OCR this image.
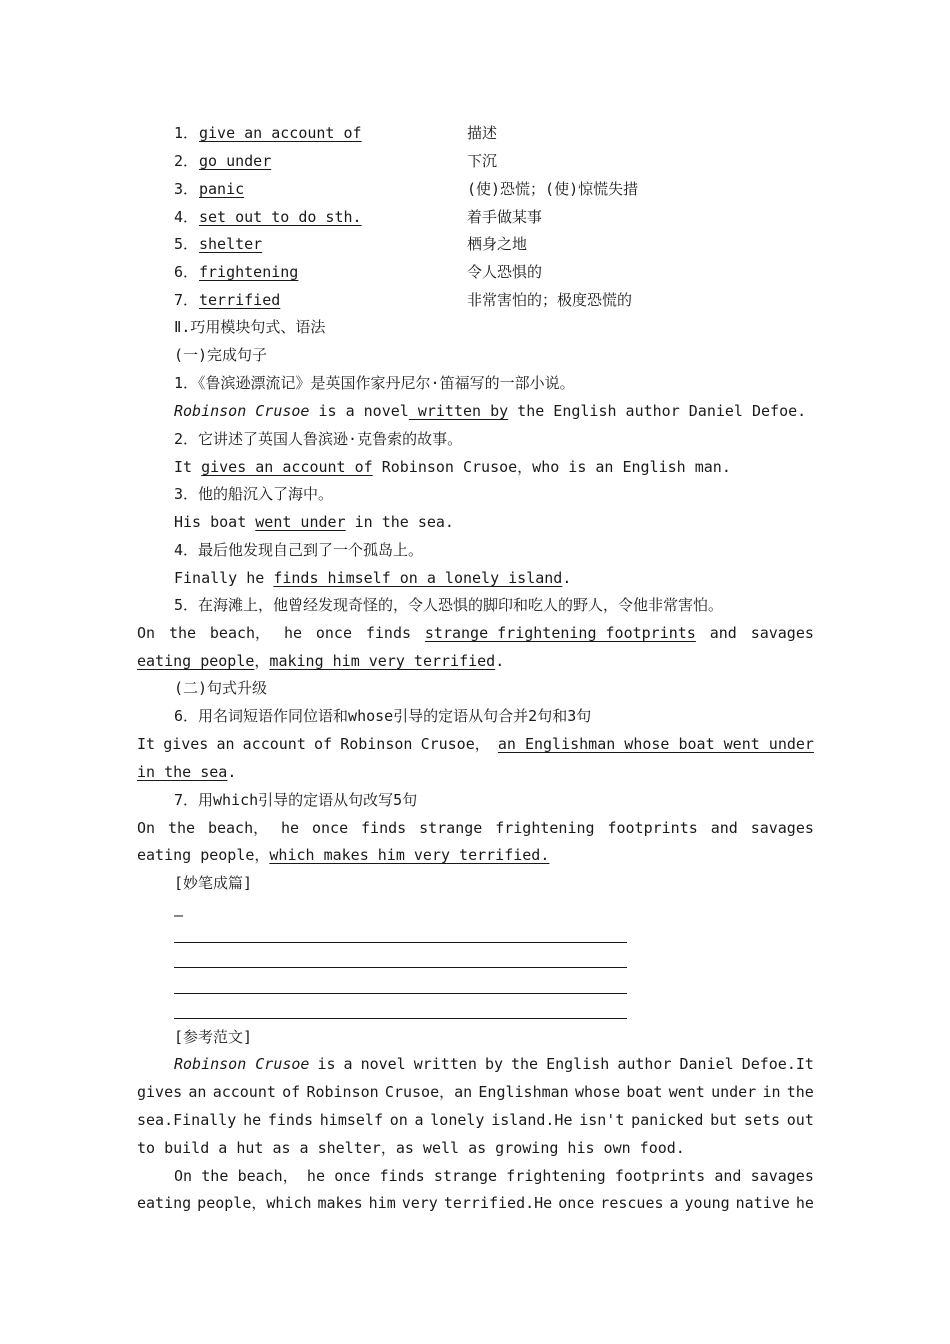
1． give an account of	描述
2． go under	下沉
3． panic	(使)恐慌；(使)惊慌失措
4． set out to do sth.	着手做某事
5． shelter	栖身之地
6． frightening	令人恐惧的
7． terrified	非常害怕的；极度恐慌的
Ⅱ.巧用模块句式、语法
(一)完成句子
1．《鲁滨逊漂流记》是英国作家丹尼尔·笛福写的一部小说。
Robinson Crusoe is a novel written by the English author Daniel Defoe.
2．它讲述了英国人鲁滨逊·克鲁索的故事。
It gives an account of Robinson Crusoe，who is an English man.
3．他的船沉入了海中。
His boat went under in the sea.
4．最后他发现自己到了一个孤岛上。
Finally he finds himself on a lonely island.
5．在海滩上，他曾经发现奇怪的，令人恐惧的脚印和吃人的野人，令他非常害怕。
On the beach， he once finds strange frightening footprints and savages
eating people，making him very terrified.
(二)句式升级
6．用名词短语作同位语和whose引导的定语从句合并2句和3句
It gives an account of Robinson Crusoe， an Englishman whose boat went under
in the sea.
7．用which引导的定语从句改写5句
On the beach， he once finds strange frightening footprints and savages
eating people，which makes him very terrified.
[妙笔成篇]
–
[参考范文]
Robinson Crusoe is a novel written by the English author Daniel Defoe.It
gives an account of Robinson Crusoe，an Englishman whose boat went under in the
sea.Finally he finds himself on a lonely island.He isn't panicked but sets out
to build a hut as a shelter，as well as growing his own food.
On the beach， he once finds strange frightening footprints and savages
eating people，which makes him very terrified.He once rescues a young native he
